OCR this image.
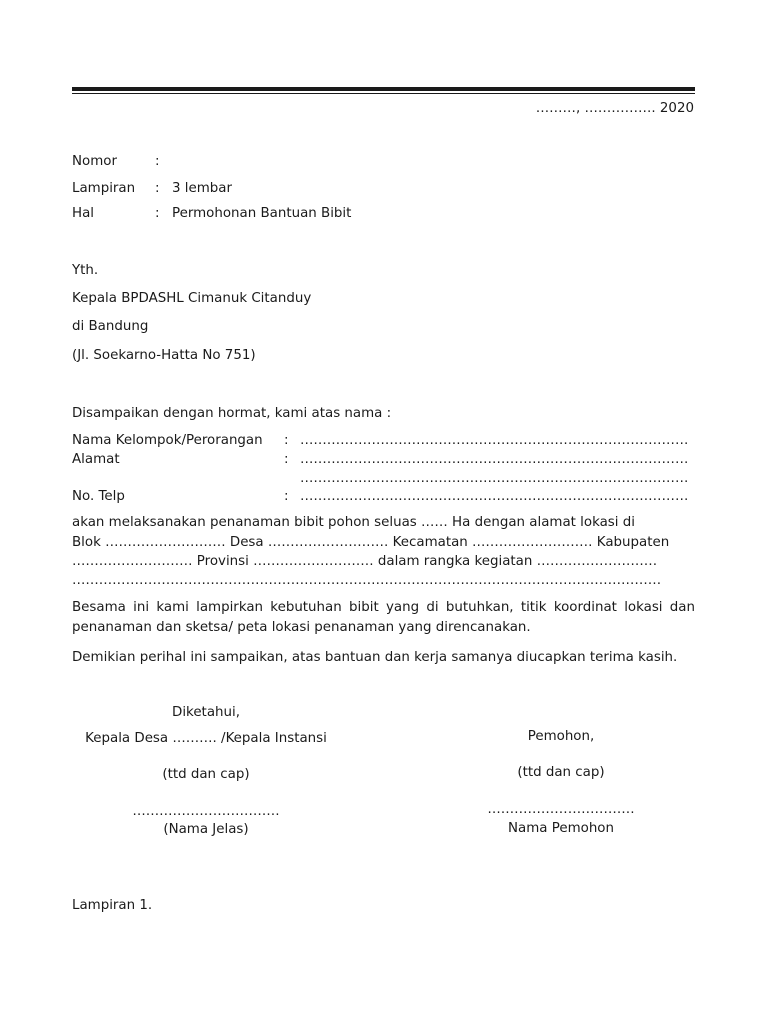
………, ……………. 2020
Nomor	:
Lampiran : 3 lembar
Hal	: Permohonan Bantuan Bibit
Yth.
Kepala BPDASHL Cimanuk Citanduy
di Bandung
(Jl. Soekarno-Hatta No 751)
Disampaikan dengan hormat, kami atas nama :
Nama Kelompok/Perorangan : ……………………………………………………………………………
Alamat	: ……………………………………………………………………………
……………………………………………………………………………
No. Telp	: ……………………………………………………………………………
akan melaksanakan penanaman bibit pohon seluas …… Ha dengan alamat lokasi di
Blok ……………………… Desa ……………………… Kecamatan ……………………… Kabupaten
……………………… Provinsi ……………………… dalam rangka kegiatan ………………………
……………………………………………………………………………………………………………………
Besama ini kami lampirkan kebutuhan bibit yang di butuhkan, titik koordinat lokasi dan penanaman dan sketsa/ peta lokasi penanaman yang direncanakan.
Demikian perihal ini sampaikan, atas bantuan dan kerja samanya diucapkan terima kasih.
Diketahui,
Kepala Desa ………. /Kepala Instansi
(ttd dan cap)
……………………………
(Nama Jelas)
Pemohon,
(ttd dan cap)
……………………………
Nama Pemohon
Lampiran 1.
